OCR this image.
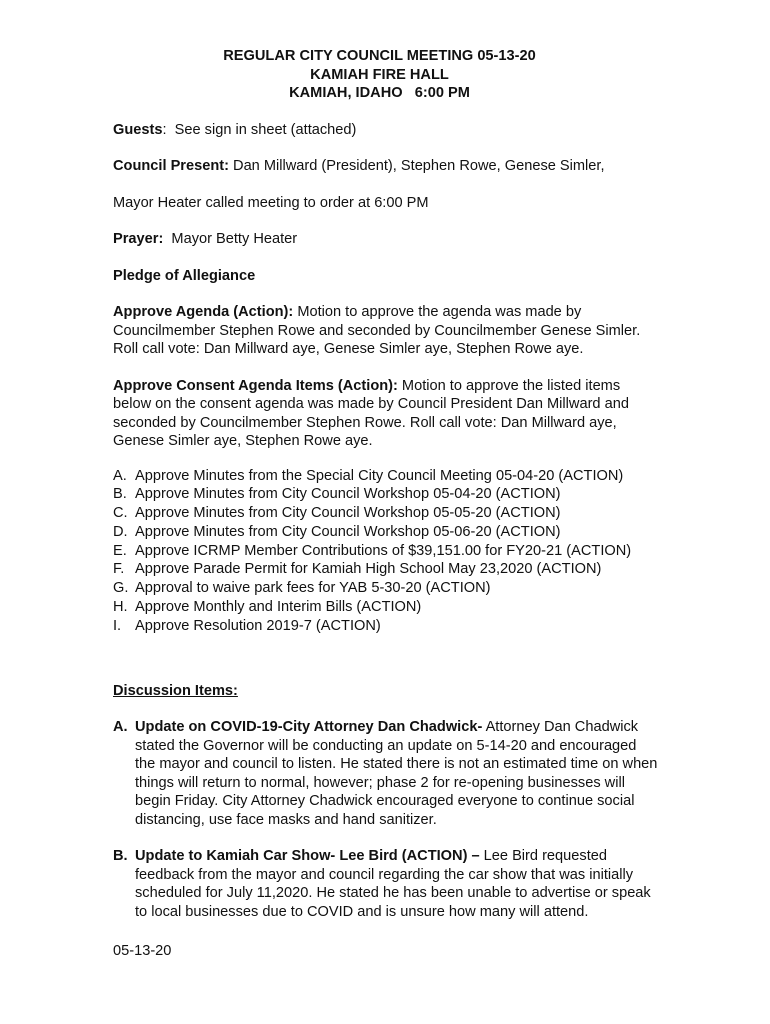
REGULAR CITY COUNCIL MEETING 05-13-20
KAMIAH FIRE HALL
KAMIAH, IDAHO   6:00 PM

Guests:  See sign in sheet (attached)

Council Present: Dan Millward (President), Stephen Rowe, Genese Simler,

Mayor Heater called meeting to order at 6:00 PM

Prayer:  Mayor Betty Heater

Pledge of Allegiance

Approve Agenda (Action): Motion to approve the agenda was made by Councilmember Stephen Rowe and seconded by Councilmember Genese Simler. Roll call vote: Dan Millward aye, Genese Simler aye, Stephen Rowe aye.

Approve Consent Agenda Items (Action): Motion to approve the listed items below on the consent agenda was made by Council President Dan Millward and seconded by Councilmember Stephen Rowe. Roll call vote: Dan Millward aye, Genese Simler aye, Stephen Rowe aye.

A. Approve Minutes from the Special City Council Meeting 05-04-20 (ACTION)
B. Approve Minutes from City Council Workshop 05-04-20 (ACTION)
C. Approve Minutes from City Council Workshop 05-05-20 (ACTION)
D. Approve Minutes from City Council Workshop 05-06-20 (ACTION)
E. Approve ICRMP Member Contributions of $39,151.00 for FY20-21 (ACTION)
F. Approve Parade Permit for Kamiah High School May 23,2020 (ACTION)
G. Approval to waive park fees for YAB 5-30-20 (ACTION)
H. Approve Monthly and Interim Bills (ACTION)
I. Approve Resolution 2019-7 (ACTION)

Discussion Items:

A. Update on COVID-19-City Attorney Dan Chadwick- Attorney Dan Chadwick stated the Governor will be conducting an update on 5-14-20 and encouraged the mayor and council to listen. He stated there is not an estimated time on when things will return to normal, however; phase 2 for re-opening businesses will begin Friday. City Attorney Chadwick encouraged everyone to continue social distancing, use face masks and hand sanitizer.
B. Update to Kamiah Car Show- Lee Bird (ACTION) – Lee Bird requested feedback from the mayor and council regarding the car show that was initially scheduled for July 11,2020. He stated he has been unable to advertise or speak to local businesses due to COVID and is unsure how many will attend.
05-13-20
